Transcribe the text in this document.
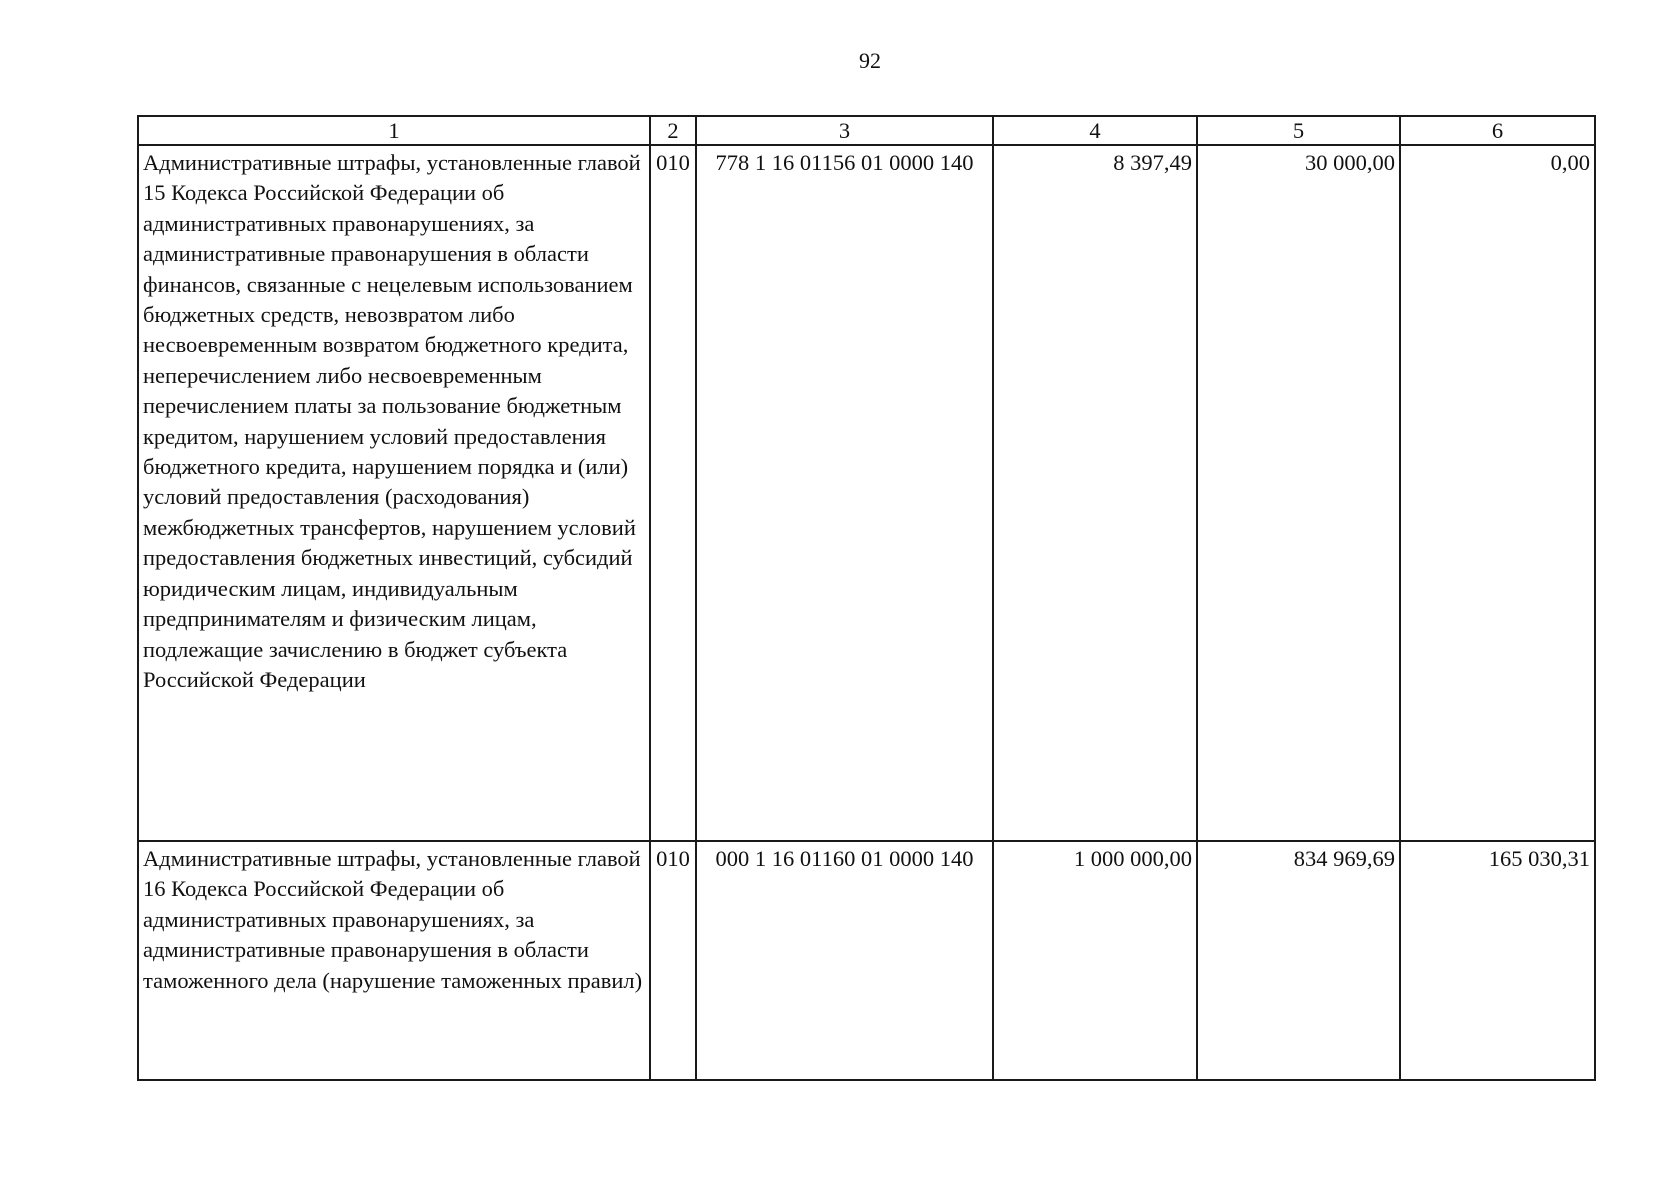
92
1	2	3	4	5	6
Административные штрафы, установленные главой 15 Кодекса Российской Федерации об административных правонарушениях, за административные правонарушения в области финансов, связанные с нецелевым использованием бюджетных средств, невозвратом либо несвоевременным возвратом бюджетного кредита, неперечислением либо несвоевременным перечислением платы за пользование бюджетным кредитом, нарушением условий предоставления бюджетного кредита, нарушением порядка и (или) условий предоставления (расходования) межбюджетных трансфертов, нарушением условий предоставления бюджетных инвестиций, субсидий юридическим лицам, индивидуальным предпринимателям и физическим лицам, подлежащие зачислению в бюджет субъекта Российской Федерации	010	778 1 16 01156 01 0000 140	8 397,49	30 000,00	0,00
Административные штрафы, установленные главой 16 Кодекса Российской Федерации об административных правонарушениях, за административные правонарушения в области таможенного дела (нарушение таможенных правил)	010	000 1 16 01160 01 0000 140	1 000 000,00	834 969,69	165 030,31
